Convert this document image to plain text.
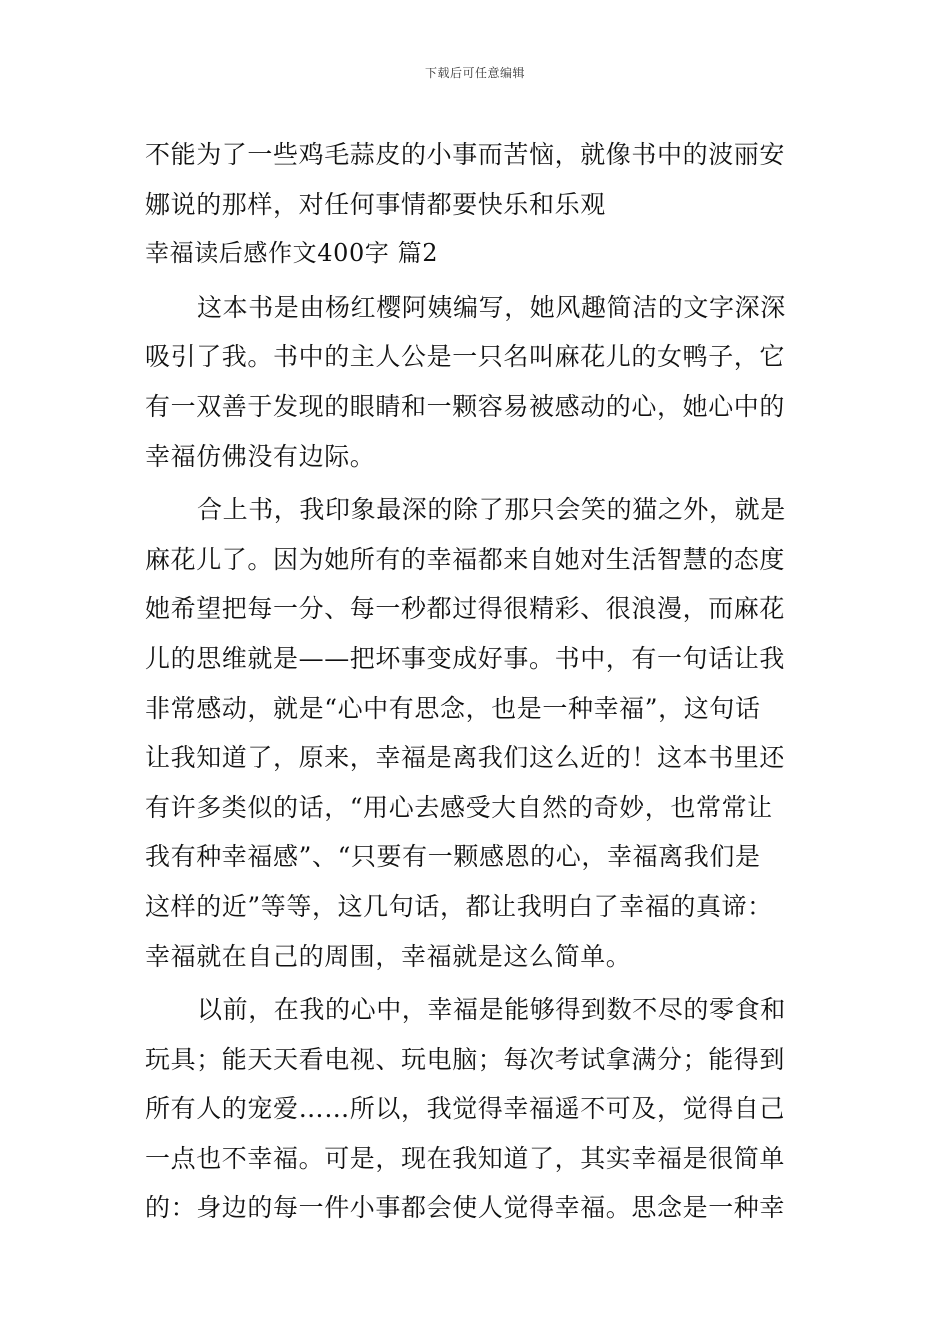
下载后可任意编辑
不能为了一些鸡毛蒜皮的小事而苦恼，就像书中的波丽安
娜说的那样，对任何事情都要快乐和乐观
幸福读后感作文400字 篇2
这本书是由杨红樱阿姨编写，她风趣简洁的文字深深
吸引了我。书中的主人公是一只名叫麻花儿的女鸭子，它
有一双善于发现的眼睛和一颗容易被感动的心，她心中的
幸福仿佛没有边际。
合上书，我印象最深的除了那只会笑的猫之外，就是
麻花儿了。因为她所有的幸福都来自她对生活智慧的态度
她希望把每一分、每一秒都过得很精彩、很浪漫，而麻花
儿的思维就是——把坏事变成好事。书中，有一句话让我
非常感动，就是“心中有思念，也是一种幸福”，这句话
让我知道了，原来，幸福是离我们这么近的！这本书里还
有许多类似的话，“用心去感受大自然的奇妙，也常常让
我有种幸福感”、“只要有一颗感恩的心，幸福离我们是
这样的近”等等，这几句话，都让我明白了幸福的真谛：
幸福就在自己的周围，幸福就是这么简单。
以前，在我的心中，幸福是能够得到数不尽的零食和
玩具；能天天看电视、玩电脑；每次考试拿满分；能得到
所有人的宠爱……所以，我觉得幸福遥不可及，觉得自己
一点也不幸福。可是，现在我知道了，其实幸福是很简单
的：身边的每一件小事都会使人觉得幸福。思念是一种幸
